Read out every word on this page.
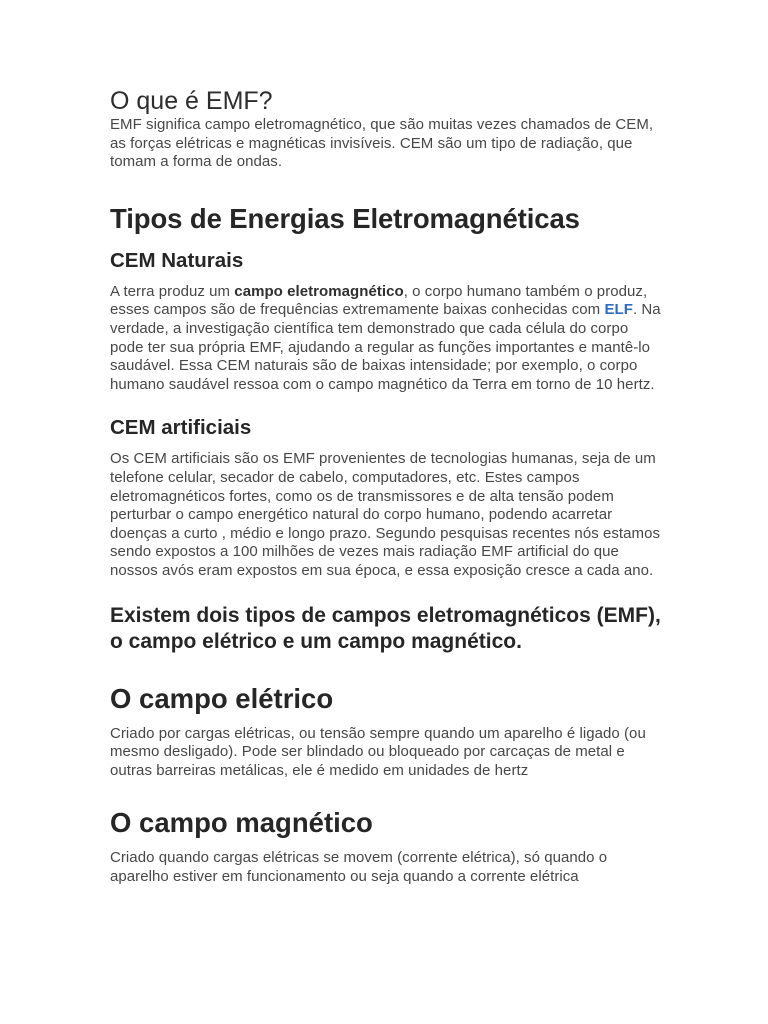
O que é EMF?

EMF significa campo eletromagnético, que são muitas vezes chamados de CEM, as forças elétricas e magnéticas invisíveis. CEM são um tipo de radiação, que tomam a forma de ondas.

Tipos de Energias Eletromagnéticas
CEM Naturais

A terra produz um campo eletromagnético, o corpo humano também o produz, esses campos são de frequências extremamente baixas conhecidas com ELF. Na verdade, a investigação científica tem demonstrado que cada célula do corpo pode ter sua própria EMF, ajudando a regular as funções importantes e mantê-lo saudável. Essa CEM naturais são de baixas intensidade; por exemplo, o corpo humano saudável ressoa com o campo magnético da Terra em torno de 10 hertz.

CEM artificiais

Os CEM artificiais são os EMF provenientes de tecnologias humanas, seja de um telefone celular, secador de cabelo, computadores, etc. Estes campos eletromagnéticos fortes, como os de transmissores e de alta tensão podem perturbar o campo energético natural do corpo humano, podendo acarretar doenças a curto , médio e longo prazo. Segundo pesquisas recentes nós estamos sendo expostos a 100 milhões de vezes mais radiação EMF artificial do que nossos avós eram expostos em sua época, e essa exposição cresce a cada ano.

Existem dois tipos de campos eletromagnéticos (EMF), o campo elétrico e um campo magnético.
O campo elétrico

Criado por cargas elétricas, ou tensão sempre quando um aparelho é ligado (ou mesmo desligado). Pode ser blindado ou bloqueado por carcaças de metal e outras barreiras metálicas, ele é medido em unidades de hertz

O campo magnético

Criado quando cargas elétricas se movem (corrente elétrica), só quando o aparelho estiver em funcionamento ou seja quando a corrente elétrica
